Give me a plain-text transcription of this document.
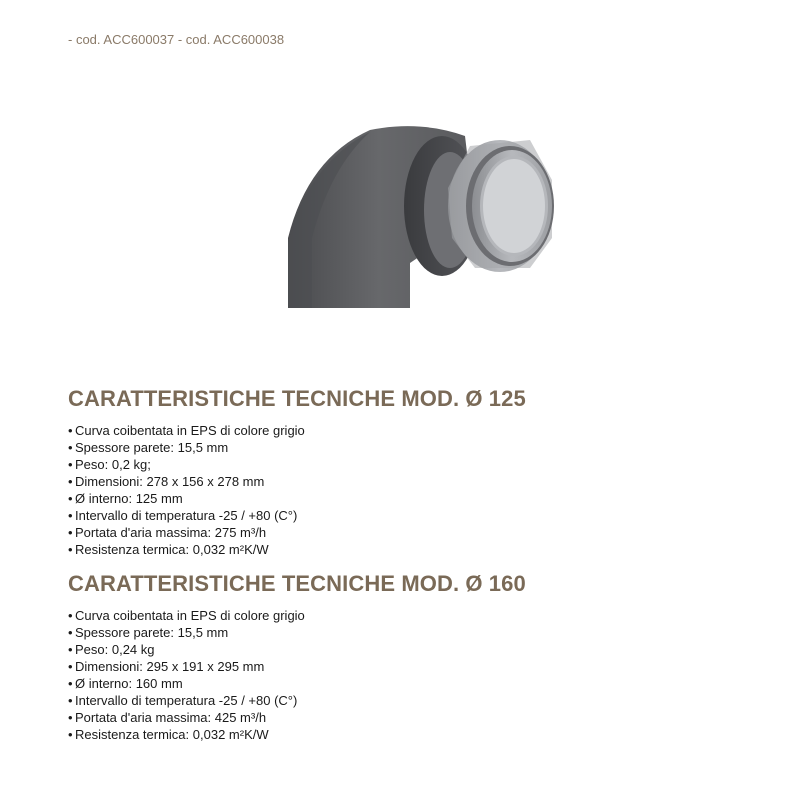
- cod. ACC600037 - cod. ACC600038
CARATTERISTICHE TECNICHE MOD. Ø 125
• Curva coibentata in EPS di colore grigio
• Spessore parete: 15,5 mm
• Peso: 0,2 kg;
• Dimensioni: 278 x 156 x 278 mm
• Ø interno: 125 mm
• Intervallo di temperatura -25 / +80 (C°)
• Portata d'aria massima: 275 m³/h
• Resistenza termica: 0,032 m²K/W
CARATTERISTICHE TECNICHE MOD. Ø 160
• Curva coibentata in EPS di colore grigio
• Spessore parete: 15,5 mm
• Peso: 0,24 kg
• Dimensioni: 295 x 191 x 295 mm
• Ø interno: 160 mm
• Intervallo di temperatura -25 / +80 (C°)
• Portata d'aria massima: 425 m³/h
• Resistenza termica: 0,032 m²K/W
